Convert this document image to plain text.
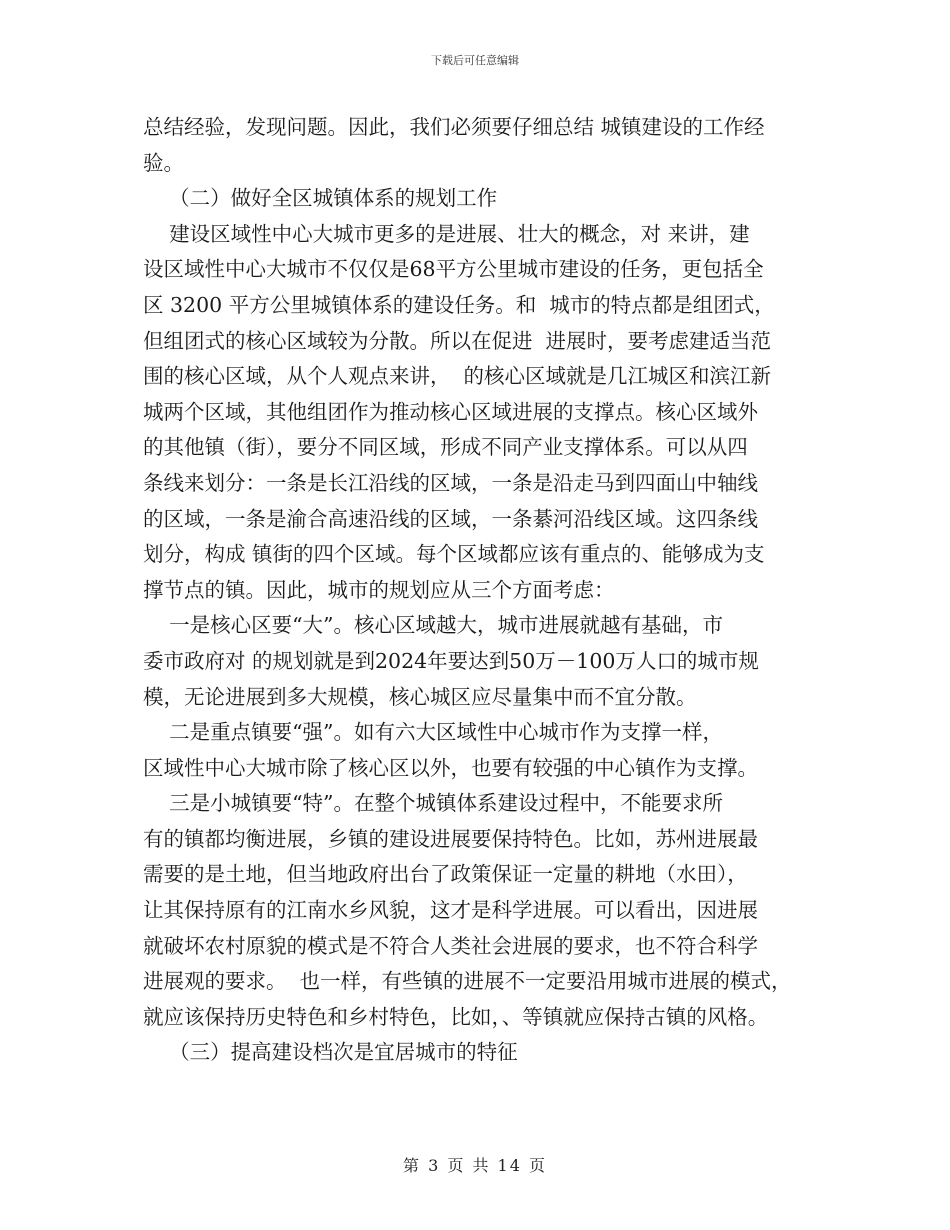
下载后可任意编辑
总结经验，发现问题。因此，我们必须要仔细总结 城镇建设的工作经
验。
（二）做好全区城镇体系的规划工作
建设区域性中心大城市更多的是进展、壮大的概念，对 来讲，建
设区域性中心大城市不仅仅是68平方公里城市建设的任务，更包括全
区 3200 平方公里城镇体系的建设任务。和  城市的特点都是组团式，
但组团式的核心区域较为分散。所以在促进  进展时，要考虑建适当范
围的核心区域，从个人观点来讲，  的核心区域就是几江城区和滨江新
城两个区域，其他组团作为推动核心区域进展的支撑点。核心区域外
的其他镇（街），要分不同区域，形成不同产业支撑体系。可以从四
条线来划分：一条是长江沿线的区域，一条是沿走马到四面山中轴线
的区域，一条是渝合高速沿线的区域，一条綦河沿线区域。这四条线
划分，构成 镇街的四个区域。每个区域都应该有重点的、能够成为支
撑节点的镇。因此，城市的规划应从三个方面考虑：
一是核心区要“大”。核心区域越大，城市进展就越有基础，市
委市政府对 的规划就是到2024年要达到50万－100万人口的城市规
模，无论进展到多大规模，核心城区应尽量集中而不宜分散。
二是重点镇要“强”。如有六大区域性中心城市作为支撑一样，
区域性中心大城市除了核心区以外，也要有较强的中心镇作为支撑。
三是小城镇要“特”。在整个城镇体系建设过程中，不能要求所
有的镇都均衡进展，乡镇的建设进展要保持特色。比如，苏州进展最
需要的是土地，但当地政府出台了政策保证一定量的耕地（水田），
让其保持原有的江南水乡风貌，这才是科学进展。可以看出，因进展
就破坏农村原貌的模式是不符合人类社会进展的要求，也不符合科学
进展观的要求。  也一样，有些镇的进展不一定要沿用城市进展的模式，
就应该保持历史特色和乡村特色，比如，、等镇就应保持古镇的风格。
（三）提高建设档次是宜居城市的特征
第 3 页 共 14 页
